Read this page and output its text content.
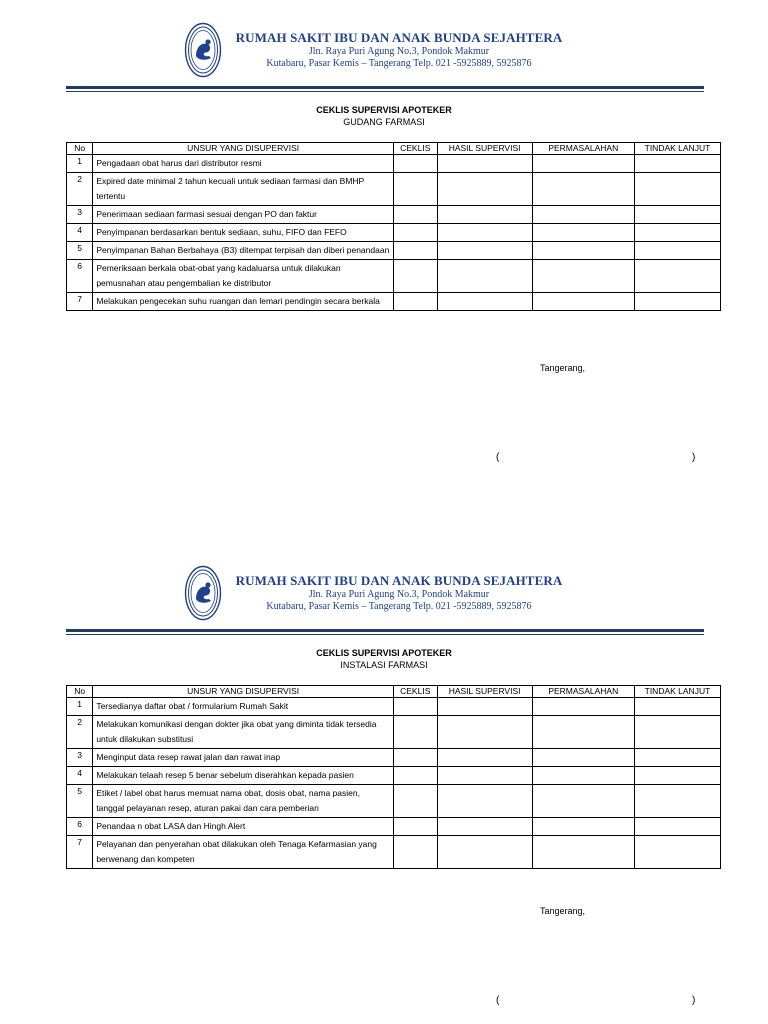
RUMAH SAKIT IBU DAN ANAK BUNDA SEJAHTERA
Jln. Raya Puri Agung No.3, Pondok Makmur
Kutabaru, Pasar Kemis – Tangerang Telp. 021 -5925889, 5925876
CEKLIS SUPERVISI APOTEKER
GUDANG FARMASI
No	UNSUR YANG DISUPERVISI	CEKLIS	HASIL SUPERVISI	PERMASALAHAN	TINDAK LANJUT
1	Pengadaan obat harus dari distributor resmi				
2	Expired date minimal 2 tahun kecuali untuk sediaan farmasi dan BMHP tertentu				
3	Penerimaan sediaan farmasi sesuai dengan PO dan faktur				
4	Penyimpanan berdasarkan bentuk sediaan, suhu, FIFO dan FEFO				
5	Penyimpanan Bahan Berbahaya (B3) ditempat terpisah dan diberi penandaan				
6	Pemeriksaan berkala obat-obat yang kadaluarsa untuk dilakukan pemusnahan atau pengembalian ke distributor				
7	Melakukan pengecekan suhu ruangan dan lemari pendingin secara berkala				
Tangerang,
(	)
RUMAH SAKIT IBU DAN ANAK BUNDA SEJAHTERA
Jln. Raya Puri Agung No.3, Pondok Makmur
Kutabaru, Pasar Kemis – Tangerang Telp. 021 -5925889, 5925876
CEKLIS SUPERVISI APOTEKER
INSTALASI FARMASI
No	UNSUR YANG DISUPERVISI	CEKLIS	HASIL SUPERVISI	PERMASALAHAN	TINDAK LANJUT
1	Tersedianya daftar obat / formularium Rumah Sakit				
2	Melakukan komunikasi dengan dokter jika obat yang diminta tidak tersedia untuk dilakukan substitusi				
3	Menginput data resep rawat jalan dan rawat inap				
4	Melakukan telaah resep 5 benar sebelum diserahkan kepada pasien				
5	Etiket / label obat harus memuat nama obat, dosis obat, nama pasien, tanggal pelayanan resep, aturan pakai dan cara pemberian				
6	Penandaa n obat LASA dan Hingh Alert				
7	Pelayanan dan penyerahan obat dilakukan oleh Tenaga Kefarmasian yang berwenang dan kompeten				
Tangerang,
(	)
